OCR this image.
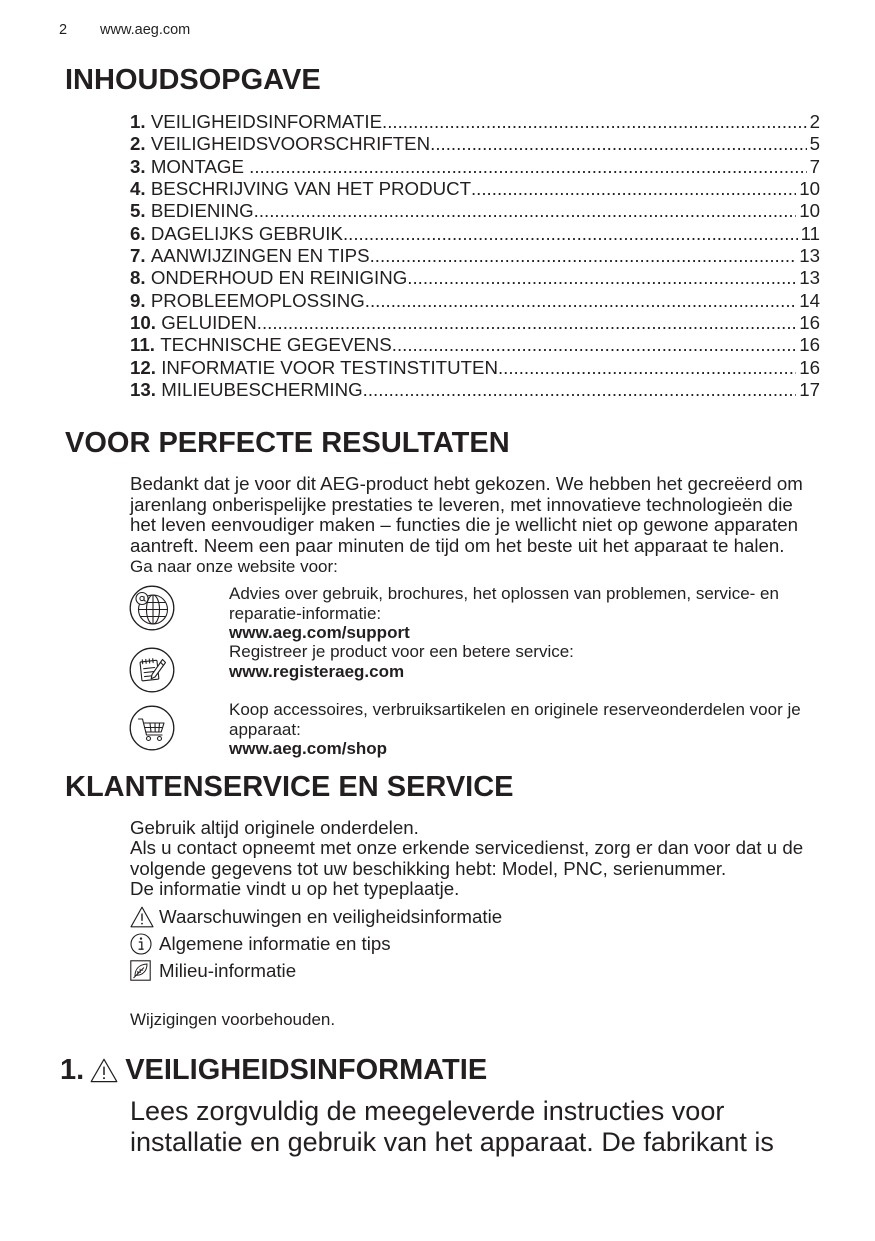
2 www.aeg.com
INHOUDSOPGAVE
1. VEILIGHEIDSINFORMATIE .....	2
2. VEILIGHEIDSVOORSCHRIFTEN .....	5
3. MONTAGE .....	7
4. BESCHRIJVING VAN HET PRODUCT .....	10
5. BEDIENING .....	10
6. DAGELIJKS GEBRUIK .....	11
7. AANWIJZINGEN EN TIPS .....	13
8. ONDERHOUD EN REINIGING .....	13
9. PROBLEEMOPLOSSING .....	14
10. GELUIDEN .....	16
11. TECHNISCHE GEGEVENS .....	16
12. INFORMATIE VOOR TESTINSTITUTEN .....	16
13. MILIEUBESCHERMING .....	17
VOOR PERFECTE RESULTATEN
Bedankt dat je voor dit AEG-product hebt gekozen. We hebben het gecreëerd om
jarenlang onberispelijke prestaties te leveren, met innovatieve technologieën die
het leven eenvoudiger maken – functies die je wellicht niet op gewone apparaten
aantreft. Neem een paar minuten de tijd om het beste uit het apparaat te halen.
Ga naar onze website voor:
Advies over gebruik, brochures, het oplossen van problemen, service- en
reparatie-informatie:
www.aeg.com/support
Registreer je product voor een betere service:
www.registeraeg.com
Koop accessoires, verbruiksartikelen en originele reserveonderdelen voor je
apparaat:
www.aeg.com/shop
KLANTENSERVICE EN SERVICE
Gebruik altijd originele onderdelen.
Als u contact opneemt met onze erkende servicedienst, zorg er dan voor dat u de
volgende gegevens tot uw beschikking hebt: Model, PNC, serienummer.
De informatie vindt u op het typeplaatje.
Waarschuwingen en veiligheidsinformatie
Algemene informatie en tips
Milieu-informatie
Wijzigingen voorbehouden.
1. VEILIGHEIDSINFORMATIE
Lees zorgvuldig de meegeleverde instructies voor
installatie en gebruik van het apparaat. De fabrikant is
